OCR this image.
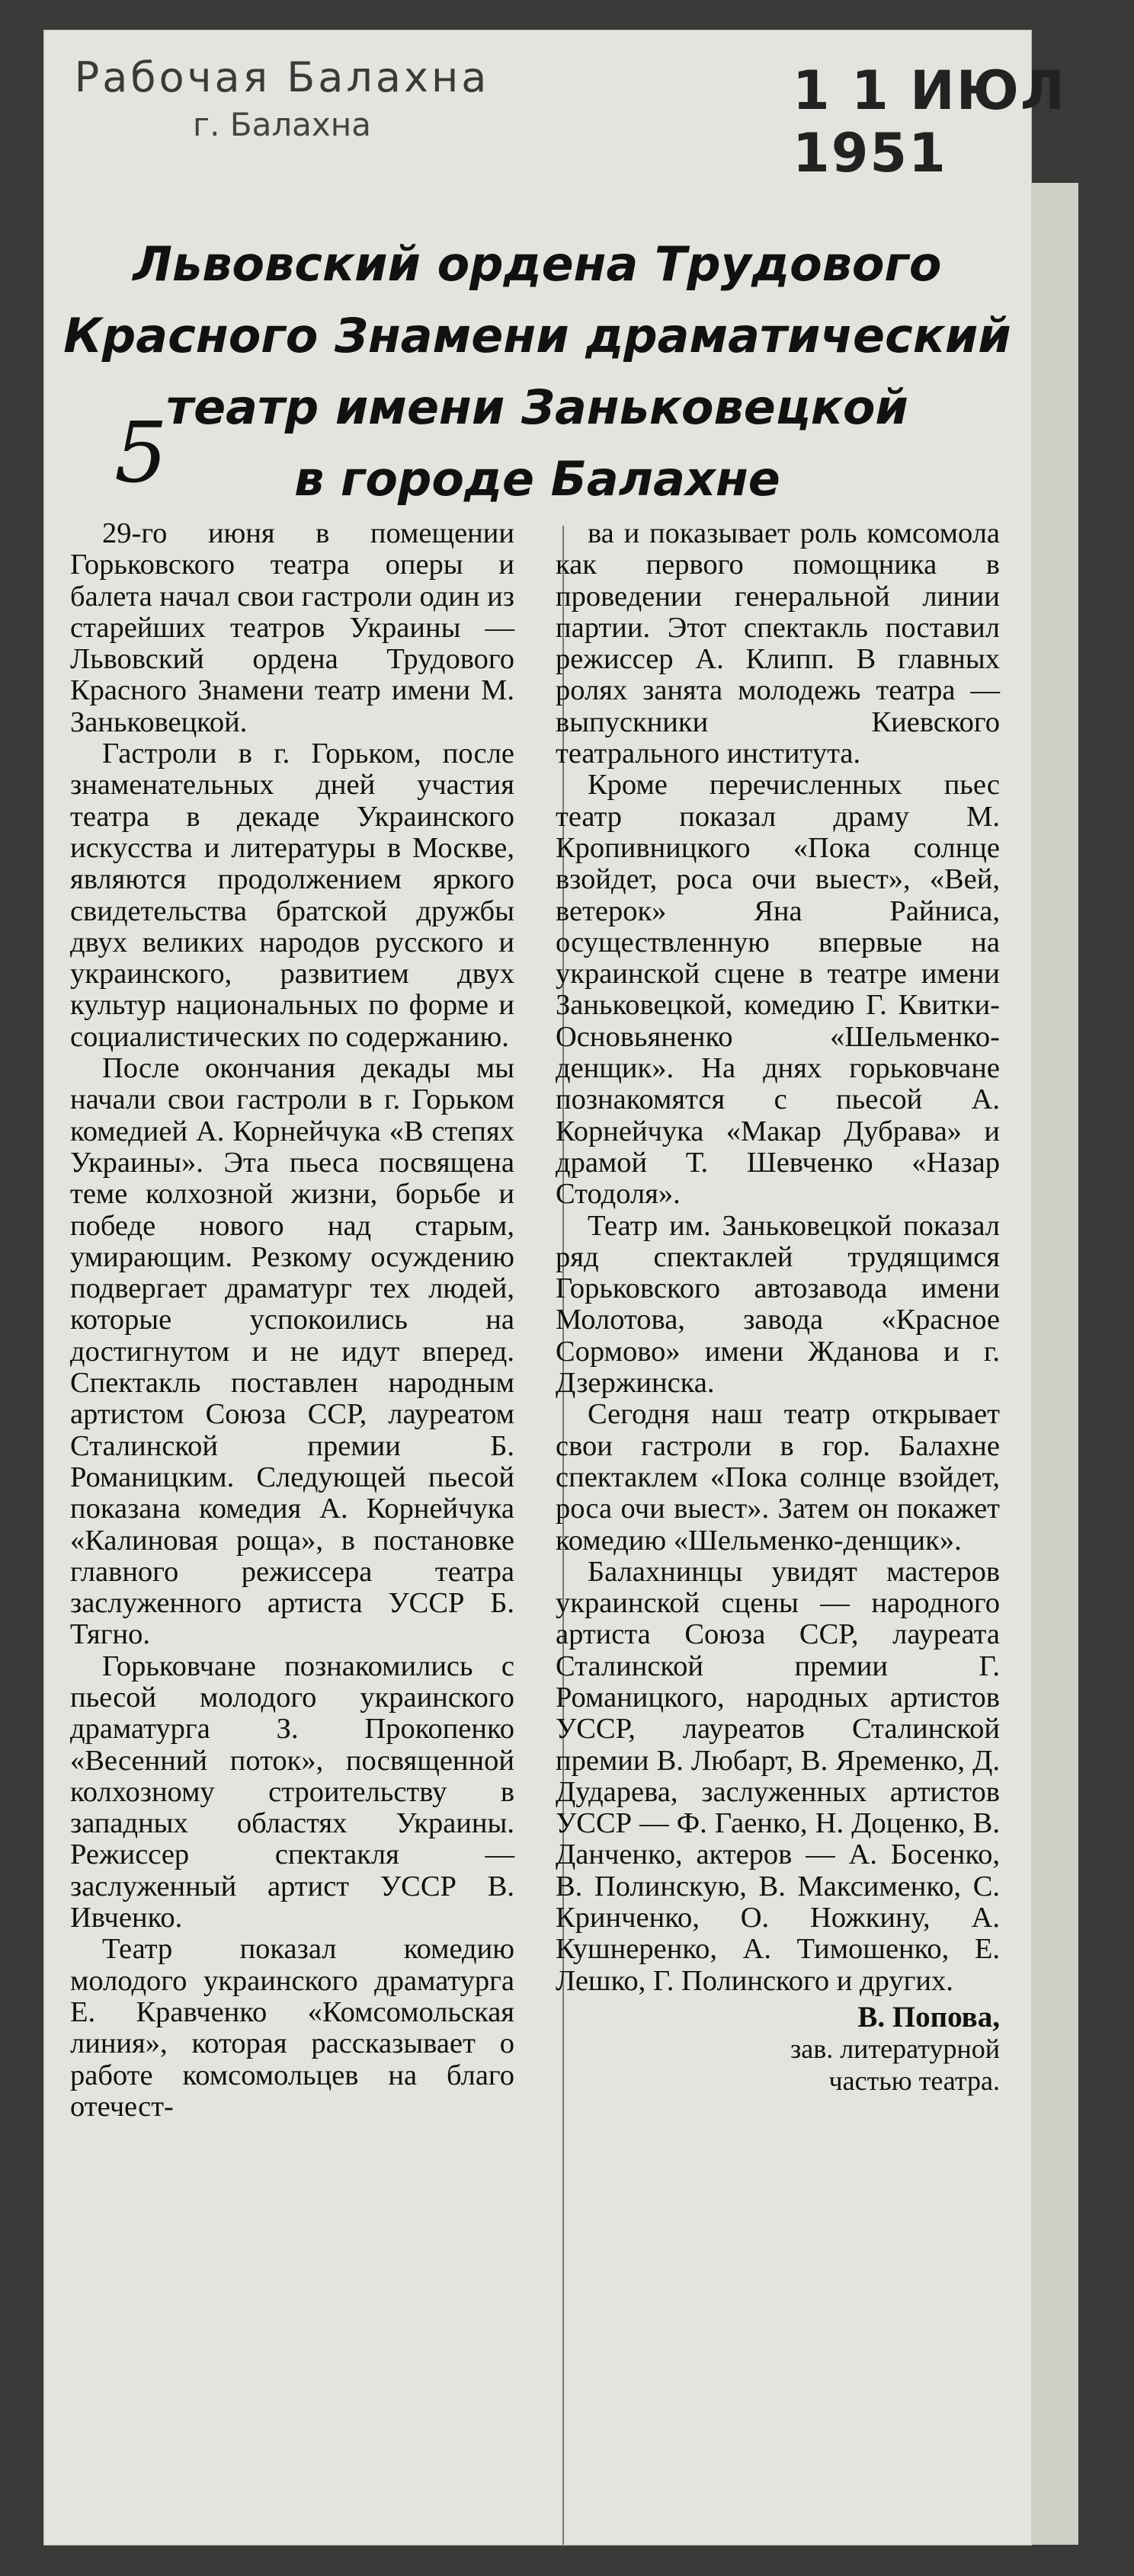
Рабочая Балахна
г. Балахна
1 1 ИЮЛ 1951
5
Львовский ордена Трудового
Красного Знамени драматический
театр имени Заньковецкой
в городе Балахне

29-го июня в помещении Горьковского театра оперы и балета начал свои гастроли один из старейших театров Украины — Львовский ордена Трудового Красного Знамени театр имени М. Заньковецкой.

Гастроли в г. Горьком, после знаменательных дней участия театра в декаде Украинского искусства и литературы в Москве, являются продолжением яркого свидетельства братской дружбы двух великих народов русского и украинского, развитием двух культур национальных по форме и социалистических по содержанию.

После окончания декады мы начали свои гастроли в г. Горьком комедией А. Корнейчука «В степях Украины». Эта пьеса посвящена теме колхозной жизни, борьбе и победе нового над старым, умирающим. Резкому осуждению подвергает драматург тех людей, которые успокоились на достигнутом и не идут вперед. Спектакль поставлен народным артистом Союза ССР, лауреатом Сталинской премии Б. Романицким. Следующей пьесой показана комедия А. Корнейчука «Калиновая роща», в постановке главного режиссера театра заслуженного артиста УССР Б. Тягно.

Горьковчане познакомились с пьесой молодого украинского драматурга З. Прокопенко «Весенний поток», посвященной колхозному строительству в западных областях Украины. Режиссер спектакля — заслуженный артист УССР В. Ивченко.

Театр показал комедию молодого украинского драматурга Е. Кравченко «Комсомольская линия», которая рассказывает о работе комсомольцев на благо отечест-

ва и показывает роль комсомола как первого помощника в проведении генеральной линии партии. Этот спектакль поставил режиссер А. Клипп. В главных ролях занята молодежь театра — выпускники Киевского театрального института.

Кроме перечисленных пьес театр показал драму М. Кропивницкого «Пока солнце взойдет, роса очи выест», «Вей, ветерок» Яна Райниса, осуществленную впервые на украинской сцене в театре имени Заньковецкой, комедию Г. Квитки-Основьяненко «Шельменко-денщик». На днях горьковчане познакомятся с пьесой А. Корнейчука «Макар Дубрава» и драмой Т. Шевченко «Назар Стодоля».

Театр им. Заньковецкой показал ряд спектаклей трудящимся Горьковского автозавода имени Молотова, завода «Красное Сормово» имени Жданова и г. Дзержинска.

Сегодня наш театр открывает свои гастроли в гор. Балахне спектаклем «Пока солнце взойдет, роса очи выест». Затем он покажет комедию «Шельменко-денщик».

Балахнинцы увидят мастеров украинской сцены — народного артиста Союза ССР, лауреата Сталинской премии Г. Романицкого, народных артистов УССР, лауреатов Сталинской премии В. Любарт, В. Яременко, Д. Дударева, заслуженных артистов УССР — Ф. Гаенко, Н. Доценко, В. Данченко, актеров — А. Босенко, В. Полинскую, В. Максименко, С. Кринченко, О. Ножкину, А. Кушнеренко, А. Тимошенко, Е. Лешко, Г. Полинского и других.

В. Попова,
зав. литературной
частью театра.
